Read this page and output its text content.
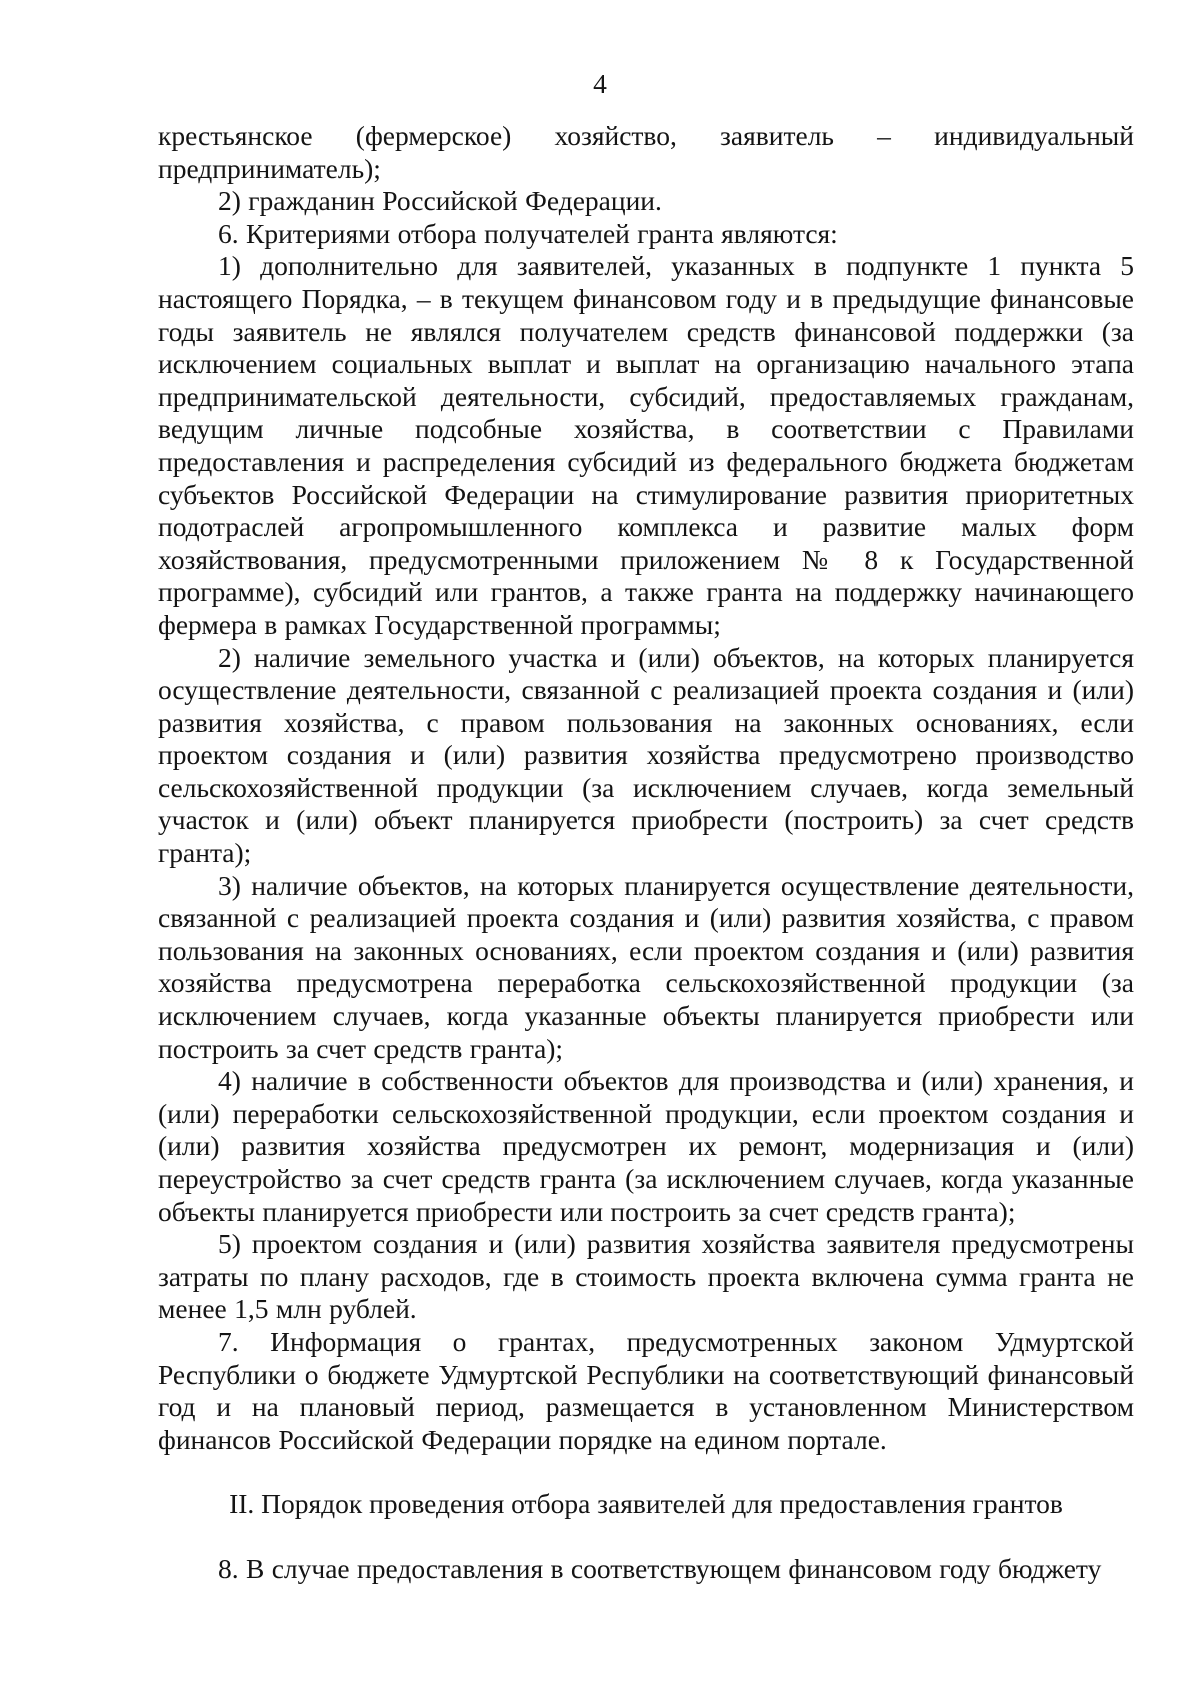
4

крестьянское (фермерское) хозяйство, заявитель – индивидуальный предприниматель);

2) гражданин Российской Федерации.

6. Критериями отбора получателей гранта являются:

1) дополнительно для заявителей, указанных в подпункте 1 пункта 5 настоящего Порядка, – в текущем финансовом году и в предыдущие финансовые годы заявитель не являлся получателем средств финансовой поддержки (за исключением социальных выплат и выплат на организацию начального этапа предпринимательской деятельности, субсидий, предоставляемых гражданам, ведущим личные подсобные хозяйства, в соответствии с Правилами предоставления и распределения субсидий из федерального бюджета бюджетам субъектов Российской Федерации на стимулирование развития приоритетных подотраслей агропромышленного комплекса и развитие малых форм хозяйствования, предусмотренными приложением № 8 к Государственной программе), субсидий или грантов, а также гранта на поддержку начинающего фермера в рамках Государственной программы;

2) наличие земельного участка и (или) объектов, на которых планируется осуществление деятельности, связанной с реализацией проекта создания и (или) развития хозяйства, с правом пользования на законных основаниях, если проектом создания и (или) развития хозяйства предусмотрено производство сельскохозяйственной продукции (за исключением случаев, когда земельный участок и (или) объект планируется приобрести (построить) за счет средств гранта);

3) наличие объектов, на которых планируется осуществление деятельности, связанной с реализацией проекта создания и (или) развития хозяйства, с правом пользования на законных основаниях, если проектом создания и (или) развития хозяйства предусмотрена переработка сельскохозяйственной продукции (за исключением случаев, когда указанные объекты планируется приобрести или построить за счет средств гранта);

4) наличие в собственности объектов для производства и (или) хранения, и (или) переработки сельскохозяйственной продукции, если проектом создания и (или) развития хозяйства предусмотрен их ремонт, модернизация и (или) переустройство за счет средств гранта (за исключением случаев, когда указанные объекты планируется приобрести или построить за счет средств гранта);

5) проектом создания и (или) развития хозяйства заявителя предусмотрены затраты по плану расходов, где в стоимость проекта включена сумма гранта не менее 1,5 млн рублей.

7. Информация о грантах, предусмотренных законом Удмуртской Республики о бюджете Удмуртской Республики на соответствующий финансовый год и на плановый период, размещается в установленном Министерством финансов Российской Федерации порядке на едином портале.

II. Порядок проведения отбора заявителей для предоставления грантов

8. В случае предоставления в соответствующем финансовом году бюджету
